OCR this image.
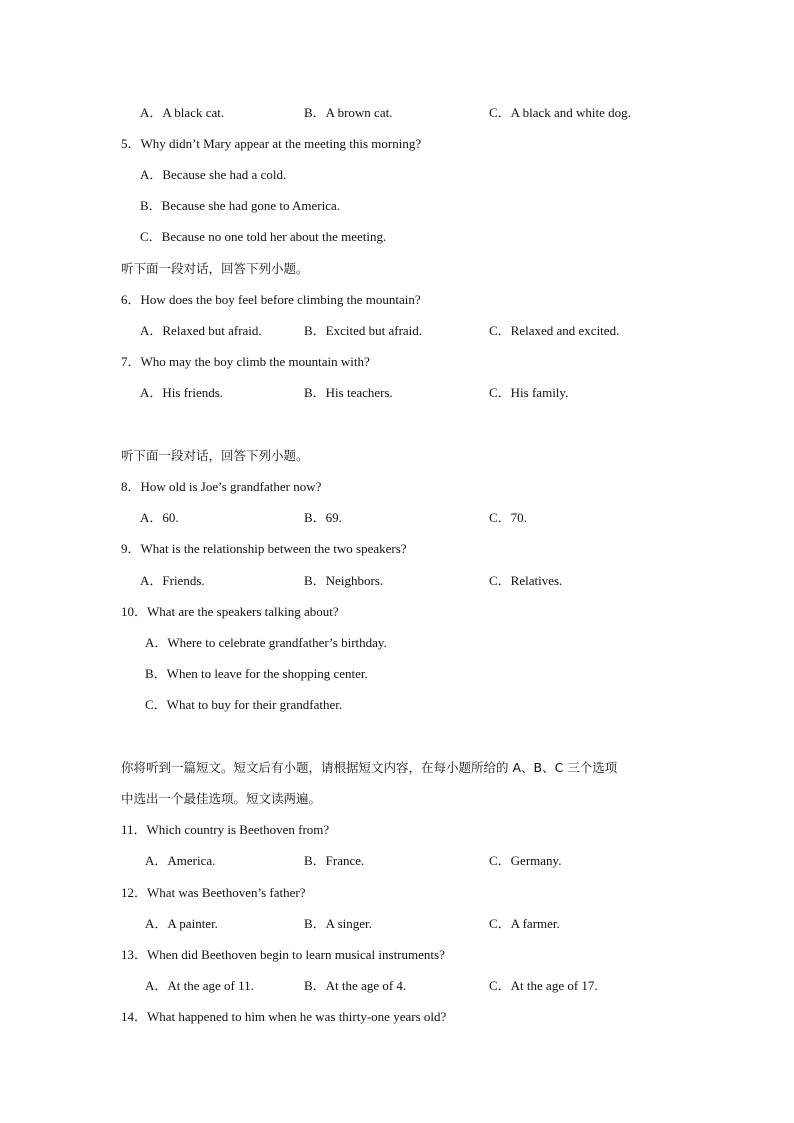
A．A black cat.	B．A brown cat.	C．A black and white dog.
5．Why didn’t Mary appear at the meeting this morning?
A．Because she had a cold.
B．Because she had gone to America.
C．Because no one told her about the meeting.
听下面一段对话，回答下列小题。
6．How does the boy feel before climbing the mountain?
A．Relaxed but afraid.	B．Excited but afraid.	C．Relaxed and excited.
7．Who may the boy climb the mountain with?
A．His friends.	B．His teachers.	C．His family.
听下面一段对话，回答下列小题。
8．How old is Joe’s grandfather now?
A．60.	B．69.	C．70.
9．What is the relationship between the two speakers?
A．Friends.	B．Neighbors.	C．Relatives.
10．What are the speakers talking about?
A．Where to celebrate grandfather’s birthday.
B．When to leave for the shopping center.
C．What to buy for their grandfather.
你将听到一篇短文。短文后有小题，请根据短文内容，在每小题所给的 A、B、C 三个选项
中选出一个最佳选项。短文读两遍。
11．Which country is Beethoven from?
A．America.	B．France.	C．Germany.
12．What was Beethoven’s father?
A．A painter.	B．A singer.	C．A farmer.
13．When did Beethoven begin to learn musical instruments?
A．At the age of 11.	B．At the age of 4.	C．At the age of 17.
14．What happened to him when he was thirty-one years old?
